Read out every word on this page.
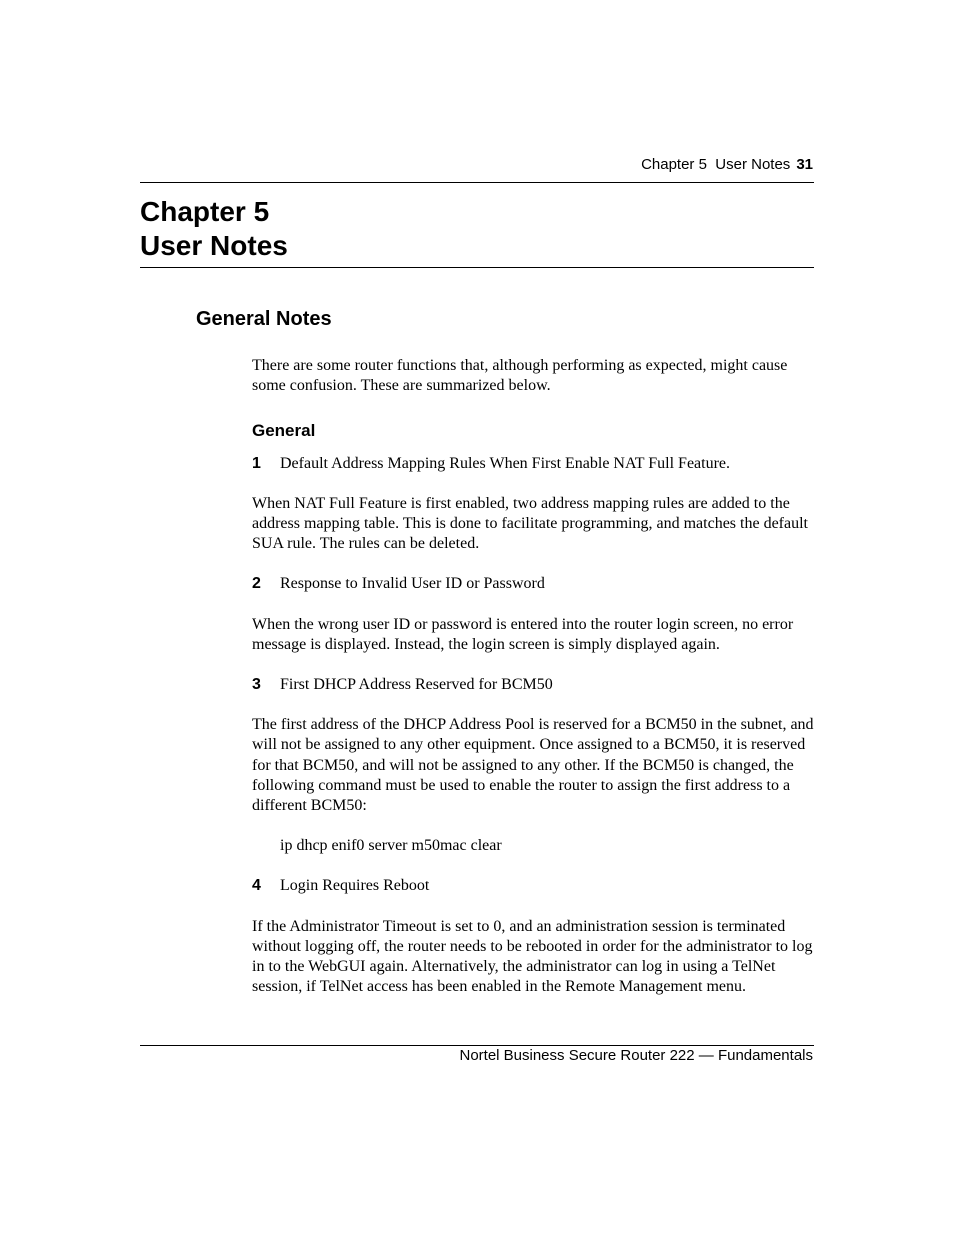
Chapter 5 User Notes 31
Chapter 5
User Notes
General Notes

There are some router functions that, although performing as expected, might cause some confusion. These are summarized below.

General

1	Default Address Mapping Rules When First Enable NAT Full Feature.

When NAT Full Feature is first enabled, two address mapping rules are added to the address mapping table. This is done to facilitate programming, and matches the default SUA rule. The rules can be deleted.

2	Response to Invalid User ID or Password

When the wrong user ID or password is entered into the router login screen, no error message is displayed. Instead, the login screen is simply displayed again.

3	First DHCP Address Reserved for BCM50

The first address of the DHCP Address Pool is reserved for a BCM50 in the subnet, and will not be assigned to any other equipment. Once assigned to a BCM50, it is reserved for that BCM50, and will not be assigned to any other. If the BCM50 is changed, the following command must be used to enable the router to assign the first address to a different BCM50:

ip dhcp enif0 server m50mac clear

4	Login Requires Reboot

If the Administrator Timeout is set to 0, and an administration session is terminated without logging off, the router needs to be rebooted in order for the administrator to log in to the WebGUI again. Alternatively, the administrator can log in using a TelNet session, if TelNet access has been enabled in the Remote Management menu.

Nortel Business Secure Router 222 — Fundamentals
